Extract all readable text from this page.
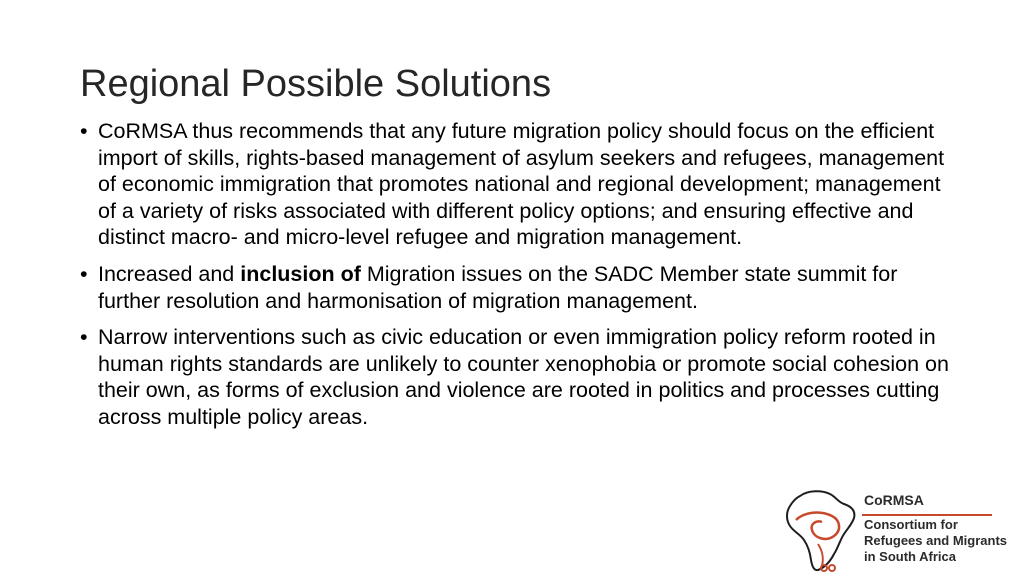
Regional Possible Solutions
• CoRMSA thus recommends that any future migration policy should focus on the efficient import of skills, rights-based management of asylum seekers and refugees, management of economic immigration that promotes national and regional development; management of a variety of risks associated with different policy options; and ensuring effective and distinct macro- and micro-level refugee and migration management.
• Increased and inclusion of Migration issues on the SADC Member state summit for further resolution and harmonisation of migration management.
• Narrow interventions such as civic education or even immigration policy reform rooted in human rights standards are unlikely to counter xenophobia or promote social cohesion on their own, as forms of exclusion and violence are rooted in politics and processes cutting across multiple policy areas.
CoRMSA
Consortium for
Refugees and Migrants
in South Africa
